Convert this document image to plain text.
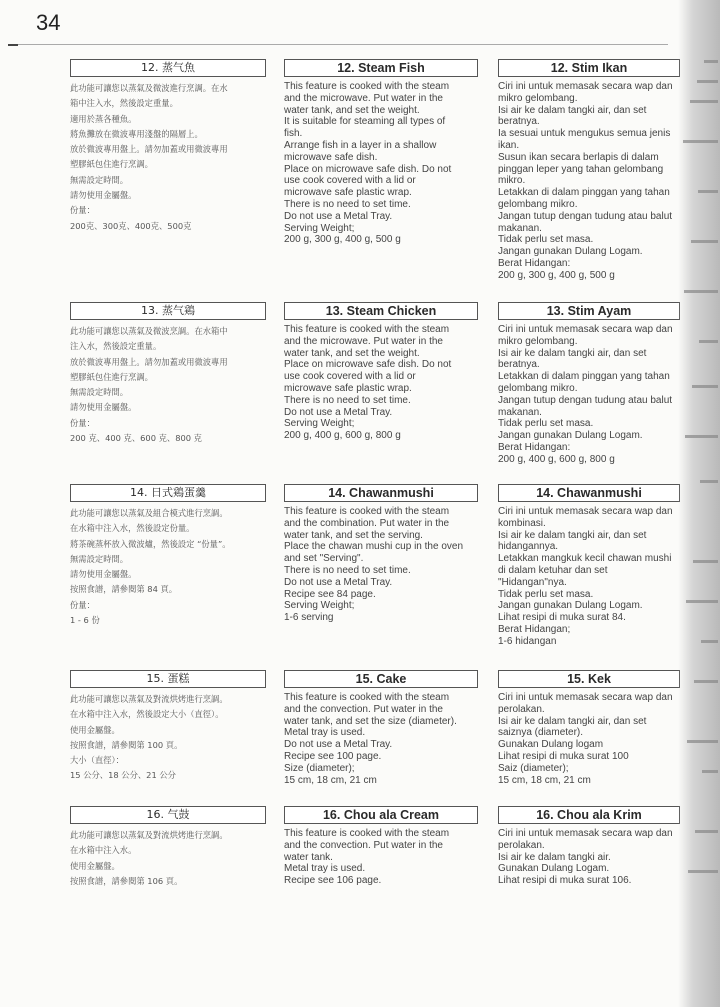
34
12. 蒸气魚
此功能可讓您以蒸氣及微波進行烹調。在水
箱中注入水，然後設定重量。
適用於蒸各種魚。
將魚攤放在微波專用淺盤的隔層上。
放於微波專用盤上。請勿加蓋或用微波專用
塑膠紙包住進行烹調。
無需設定時間。
請勿使用金屬盤。
份量：
200克、300克、400克、500克
12. Steam Fish
This feature is cooked with the steam
and the microwave. Put water in the
water tank, and set the weight.
It is suitable for steaming all types of
fish.
Arrange fish in a layer in a shallow
microwave safe dish.
Place on microwave safe dish. Do not
use cook covered with a lid or
microwave safe plastic wrap.
There is no need to set time.
Do not use a Metal Tray.
Serving Weight;
200 g, 300 g, 400 g, 500 g
12. Stim Ikan
Ciri ini untuk memasak secara wap dan
mikro gelombang.
Isi air ke dalam tangki air, dan set
beratnya.
Ia sesuai untuk mengukus semua jenis
ikan.
Susun ikan secara berlapis di dalam
pinggan leper yang tahan gelombang
mikro.
Letakkan di dalam pinggan yang tahan
gelombang mikro.
Jangan tutup dengan tudung atau balut
makanan.
Tidak perlu set masa.
Jangan gunakan Dulang Logam.
Berat Hidangan:
200 g, 300 g, 400 g, 500 g
13. 蒸气鶏
此功能可讓您以蒸氣及微波烹調。在水箱中
注入水，然後設定重量。
放於微波專用盤上。請勿加蓋或用微波專用
塑膠紙包住進行烹調。
無需設定時間。
請勿使用金屬盤。
份量：
200 克、400 克、600 克、800 克
13. Steam Chicken
This feature is cooked with the steam
and the microwave. Put water in the
water tank, and set the weight.
Place on microwave safe dish. Do not
use cook covered with a lid or
microwave safe plastic wrap.
There is no need to set time.
Do not use a Metal Tray.
Serving Weight;
200 g, 400 g, 600 g, 800 g
13. Stim Ayam
Ciri ini untuk memasak secara wap dan
mikro gelombang.
Isi air ke dalam tangki air, dan set
beratnya.
Letakkan di dalam pinggan yang tahan
gelombang mikro.
Jangan tutup dengan tudung atau balut
makanan.
Tidak perlu set masa.
Jangan gunakan Dulang Logam.
Berat Hidangan:
200 g, 400 g, 600 g, 800 g
14. 日式鶏蛋羹
此功能可讓您以蒸氣及組合模式進行烹調。
在水箱中注入水，然後設定份量。
將茶碗蒸杯放入微波爐，然後設定 “份量”。
無需設定時間。
請勿使用金屬盤。
按照食譜，請參閱第 84 頁。
份量：
1 - 6 份
14. Chawanmushi
This feature is cooked with the steam
and the combination. Put water in the
water tank, and set the serving.
Place the chawan mushi cup in the oven
and set "Serving".
There is no need to set time.
Do not use a Metal Tray.
Recipe see 84 page.
Serving Weight;
1-6 serving
14. Chawanmushi
Ciri ini untuk memasak secara wap dan
kombinasi.
Isi air ke dalam tangki air, dan set
hidangannya.
Letakkan mangkuk kecil chawan mushi
di dalam ketuhar dan set
"Hidangan"nya.
Tidak perlu set masa.
Jangan gunakan Dulang Logam.
Lihat resipi di muka surat 84.
Berat Hidangan;
1-6 hidangan
15. 蛋糕
此功能可讓您以蒸氣及對流烘烤進行烹調。
在水箱中注入水，然後設定大小（直徑）。
使用金屬盤。
按照食譜，請參閱第 100 頁。
大小（直徑）：
15 公分、18 公分、21 公分
15. Cake
This feature is cooked with the steam
and the convection. Put water in the
water tank, and set the size (diameter).
Metal tray is used.
Do not use a Metal Tray.
Recipe see 100 page.
Size (diameter);
15 cm, 18 cm, 21 cm
15. Kek
Ciri ini untuk memasak secara wap dan
perolakan.
Isi air ke dalam tangki air, dan set
saiznya (diameter).
Gunakan Dulang logam
Lihat resipi di muka surat 100
Saiz (diameter);
15 cm, 18 cm, 21 cm
16. 气鼓
此功能可讓您以蒸氣及對流烘烤進行烹調。
在水箱中注入水。
使用金屬盤。
按照食譜，請參閱第 106 頁。
16. Chou ala Cream
This feature is cooked with the steam
and the convection. Put water in the
water tank.
Metal tray is used.
Recipe see 106 page.
16. Chou ala Krim
Ciri ini untuk memasak secara wap dan
perolakan.
Isi air ke dalam tangki air.
Gunakan Dulang Logam.
Lihat resipi di muka surat 106.
